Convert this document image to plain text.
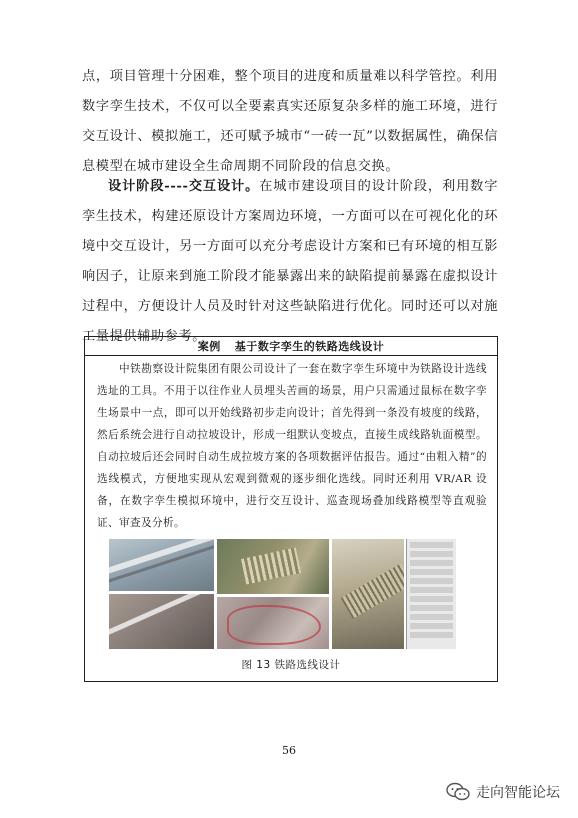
点，项目管理十分困难，整个项目的进度和质量难以科学管控。利用数字孪生技术，不仅可以全要素真实还原复杂多样的施工环境，进行交互设计、模拟施工，还可赋予城市“一砖一瓦”以数据属性，确保信息模型在城市建设全生命周期不同阶段的信息交换。
设计阶段----交互设计。在城市建设项目的设计阶段，利用数字孪生技术，构建还原设计方案周边环境，一方面可以在可视化化的环境中交互设计，另一方面可以充分考虑设计方案和已有环境的相互影响因子，让原来到施工阶段才能暴露出来的缺陷提前暴露在虚拟设计过程中，方便设计人员及时针对这些缺陷进行优化。同时还可以对施工量提供辅助参考。
案例 基于数字孪生的铁路选线设计
中铁勘察设计院集团有限公司设计了一套在数字孪生环境中为铁路设计选线选址的工具。不用于以往作业人员埋头苦画的场景，用户只需通过鼠标在数字孪生场景中一点，即可以开始线路初步走向设计；首先得到一条没有坡度的线路，然后系统会进行自动拉坡设计，形成一组默认变坡点，直接生成线路轨面模型。自动拉坡后还会同时自动生成拉坡方案的各项数据评估报告。通过“由粗入精”的选线模式，方便地实现从宏观到微观的逐步细化选线。同时还利用 VR/AR 设备，在数字孪生模拟环境中，进行交互设计、巡查现场叠加线路模型等直观验证、审查及分析。
图 13 铁路选线设计
56
走向智能论坛
